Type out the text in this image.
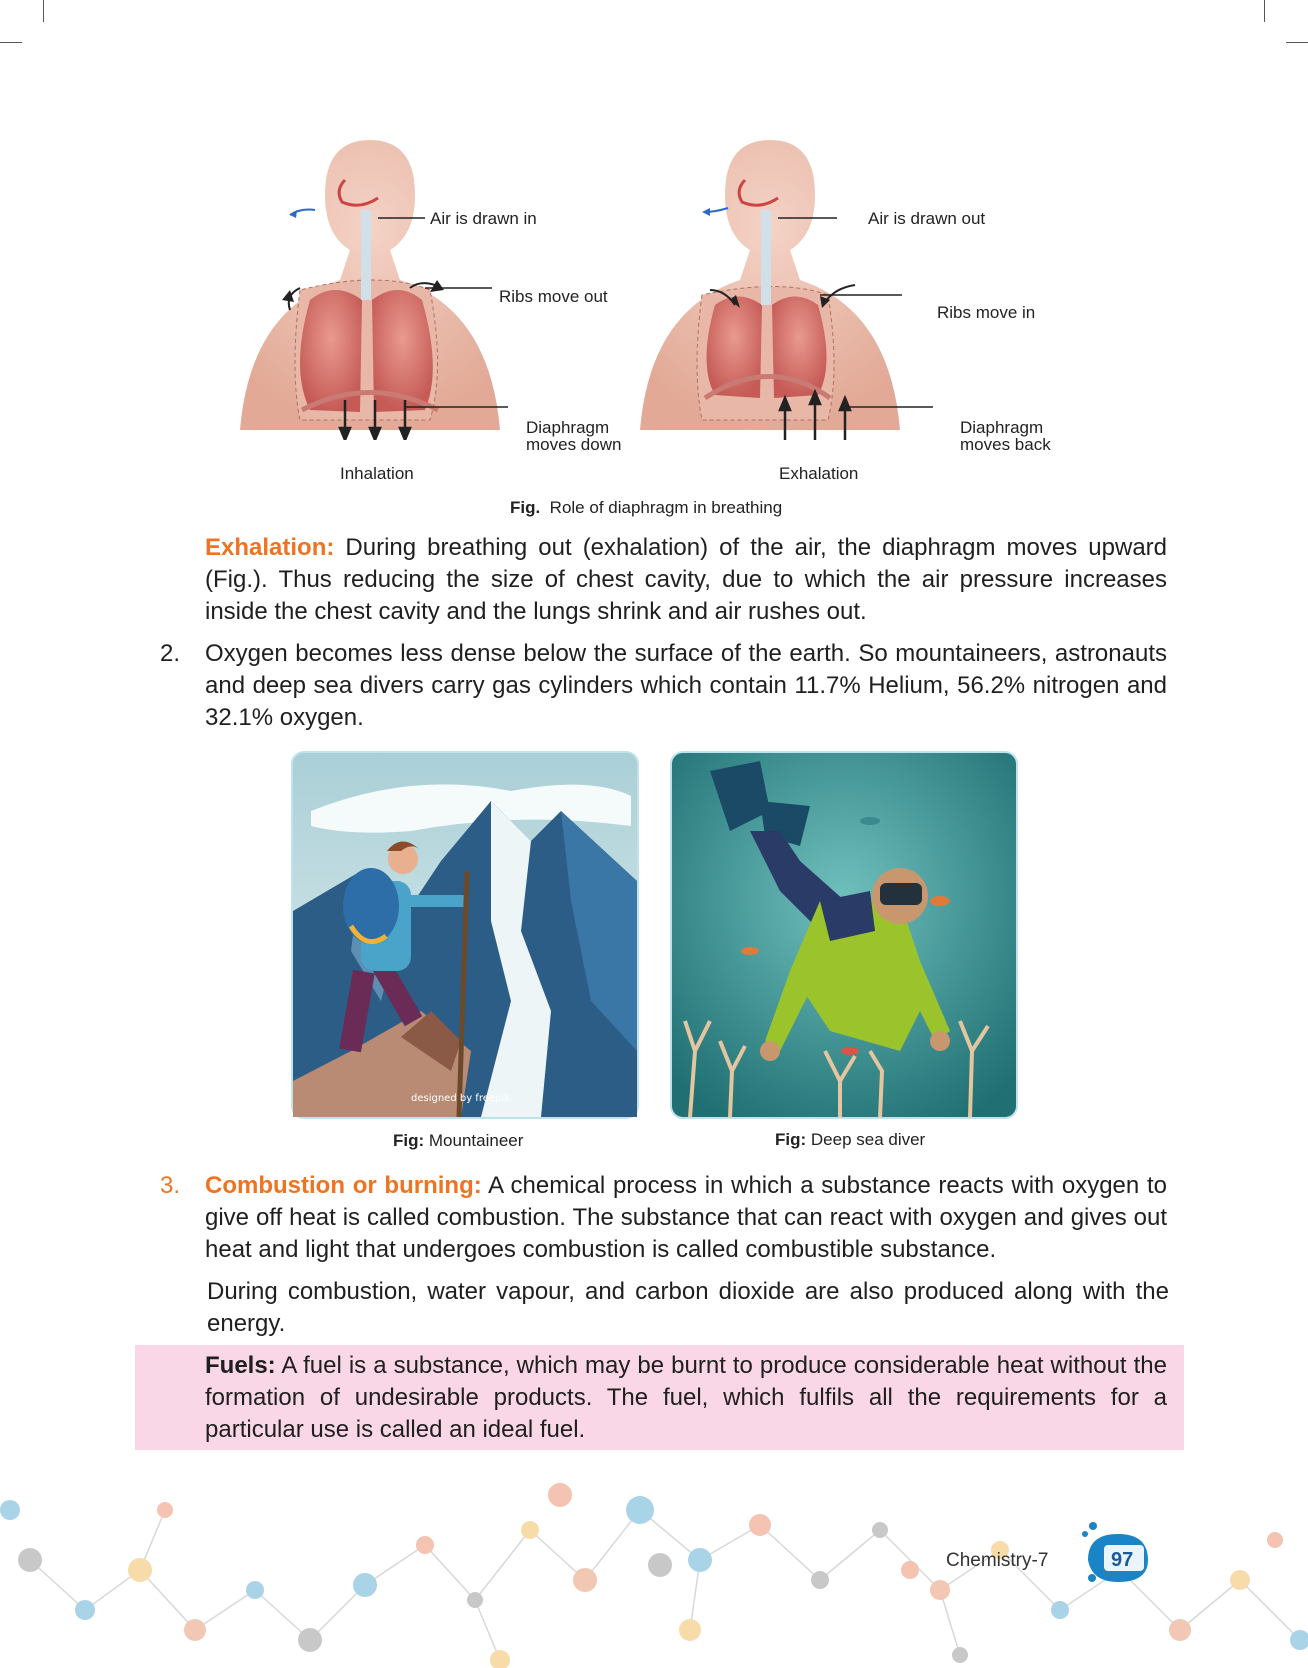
Air is drawn in
Ribs move out
Diaphragm
moves down
Inhalation
Air is drawn out
Ribs move in
Diaphragm
moves back
Exhalation
Fig. Role of diaphragm in breathing
Exhalation: During breathing out (exhalation) of the air, the diaphragm moves upward (Fig.). Thus reducing the size of chest cavity, due to which the air pressure increases inside the chest cavity and the lungs shrink and air rushes out.
2. Oxygen becomes less dense below the surface of the earth. So mountaineers, astronauts and deep sea divers carry gas cylinders which contain 11.7% Helium, 56.2% nitrogen and 32.1% oxygen.
designed by freepik
Fig: Mountaineer	Fig: Deep sea diver
3. Combustion or burning: A chemical process in which a substance reacts with oxygen to give off heat is called combustion. The substance that can react with oxygen and gives out heat and light that undergoes combustion is called combustible substance.
During combustion, water vapour, and carbon dioxide are also produced along with the energy.
Fuels: A fuel is a substance, which may be burnt to produce considerable heat without the formation of undesirable products. The fuel, which fulfils all the requirements for a particular use is called an ideal fuel.
Chemistry-7	97
